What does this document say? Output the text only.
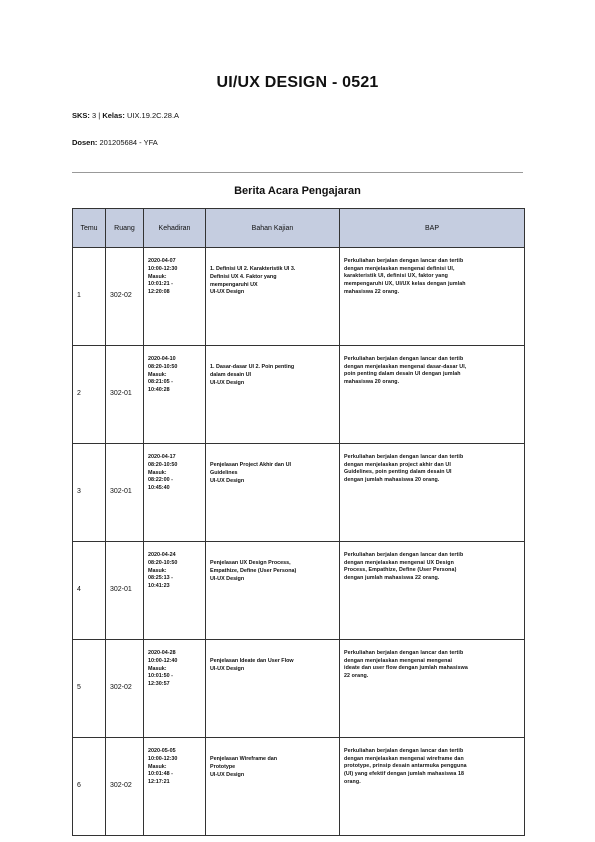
UI/UX DESIGN - 0521
SKS: 3 | Kelas: UIX.19.2C.28.A
Dosen: 201205684 - YFA
Berita Acara Pengajaran
Temu	Ruang	Kehadiran	Bahan Kajian	BAP
1	302-02	2020-04-07
10:00-12:30
Masuk:
10:01:21 -
12:20:08	1. Definisi UI 2. Karakteristik UI 3.
Definisi UX 4. Faktor yang
mempengaruhi UX
UI-UX Design	Perkuliahan berjalan dengan lancar dan tertib
dengan menjelaskan mengenai definisi UI,
karakteristik UI, definisi UX, faktor yang
mempengaruhi UX, UI/UX kelas dengan jumlah
mahasiswa 22 orang.

2	302-01	2020-04-10
08:20-10:50
Masuk:
08:21:05 -
10:40:28	1. Dasar-dasar UI 2. Poin penting
dalam desain UI
UI-UX Design	Perkuliahan berjalan dengan lancar dan tertib
dengan menjelaskan mengenai dasar-dasar UI,
poin penting dalam desain UI dengan jumlah
mahasiswa 20 orang.

3	302-01	2020-04-17
08:20-10:50
Masuk:
08:22:00 -
10:45:40	Penjelasan Project Akhir dan UI
Guidelines
UI-UX Design	Perkuliahan berjalan dengan lancar dan tertib
dengan menjelaskan project akhir dan UI
Guidelines, poin penting dalam desain UI
dengan jumlah mahasiswa 20 orang.

4	302-01	2020-04-24
08:20-10:50
Masuk:
08:25:13 -
10:41:23	Penjelasan UX Design Process,
Empathize, Define (User Persona)
UI-UX Design	Perkuliahan berjalan dengan lancar dan tertib
dengan menjelaskan mengenai UX Design
Process, Empathize, Define (User Persona)
dengan jumlah mahasiswa 22 orang.

5	302-02	2020-04-28
10:00-12:40
Masuk:
10:01:50 -
12:30:57	Penjelasan Ideate dan User Flow
UI-UX Design	Perkuliahan berjalan dengan lancar dan tertib
dengan menjelaskan mengenai mengenai
ideate dan user flow dengan jumlah mahasiswa
22 orang.

6	302-02	2020-05-05
10:00-12:30
Masuk:
10:01:48 -
12:17:21	Penjelasan Wireframe dan
Prototype
UI-UX Design	Perkuliahan berjalan dengan lancar dan tertib
dengan menjelaskan mengenai wireframe dan
prototype, prinsip desain antarmuka pengguna
(UI) yang efektif dengan jumlah mahasiswa 18
orang.
